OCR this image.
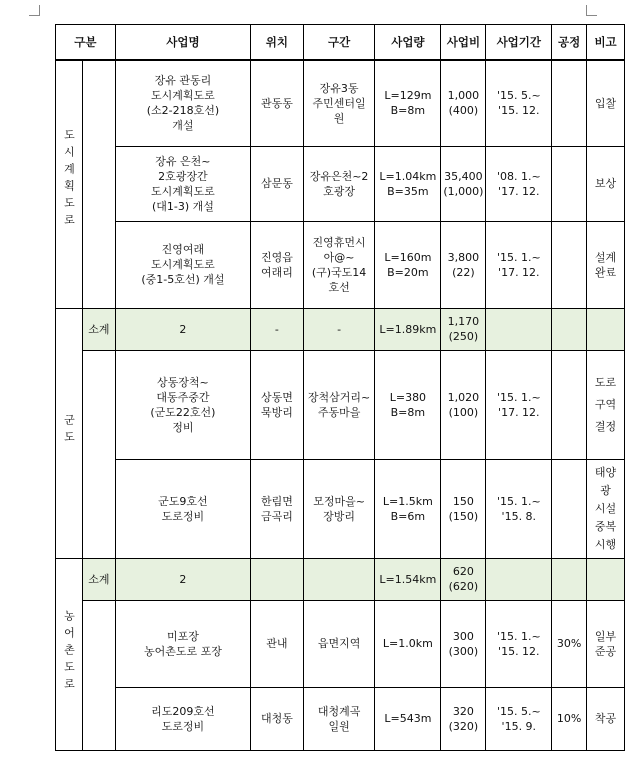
구분		사업명	위치	구간	사업량	사업비	사업기간	공정	비고
도시계획도로		장유 관동리
도시계획도로
(소2-218호선)
개설	관동동	장유3동
주민센터일
원	L=129m
B=8m	1,000
(400)	'15. 5.~
'15. 12.		입찰
		장유 은천~
2호광장간
도시계획도로
(대1-3) 개설	삼문동	장유은천~2
호광장	L=1.04km
B=35m	35,400
(1,000)	'08. 1.~
'17. 12.		보상
		진영여래
도시계획도로
(중1-5호선) 개설	진영읍
여래리	진영휴먼시
아@~
(구)국도14
호선	L=160m
B=20m	3,800
(22)	'15. 1.~
'17. 12.		설계
완료
군도	소계	2	-	-	L=1.89km	1,170
(250)			
		상동장척~
대동주중간
(군도22호선)
정비	상동면
묵방리	장척삼거리~
주동마을	L=380
B=8m	1,020
(100)	'15. 1.~
'17. 12.		도로
구역
결정
		군도9호선
도로정비	한림면
금곡리	모정마을~
장방리	L=1.5km
B=6m	150
(150)	'15. 1.~
'15. 8.		태양
광
시설
중복
시행
농어촌도로	소계	2			L=1.54km	620
(620)			
		미포장
농어촌도로 포장	관내	읍면지역	L=1.0km	300
(300)	'15. 1.~
'15. 12.	30%	일부
준공
		리도209호선
도로정비	대청동	대청계곡
일원	L=543m	320
(320)	'15. 5.~
'15. 9.	10%	착공
